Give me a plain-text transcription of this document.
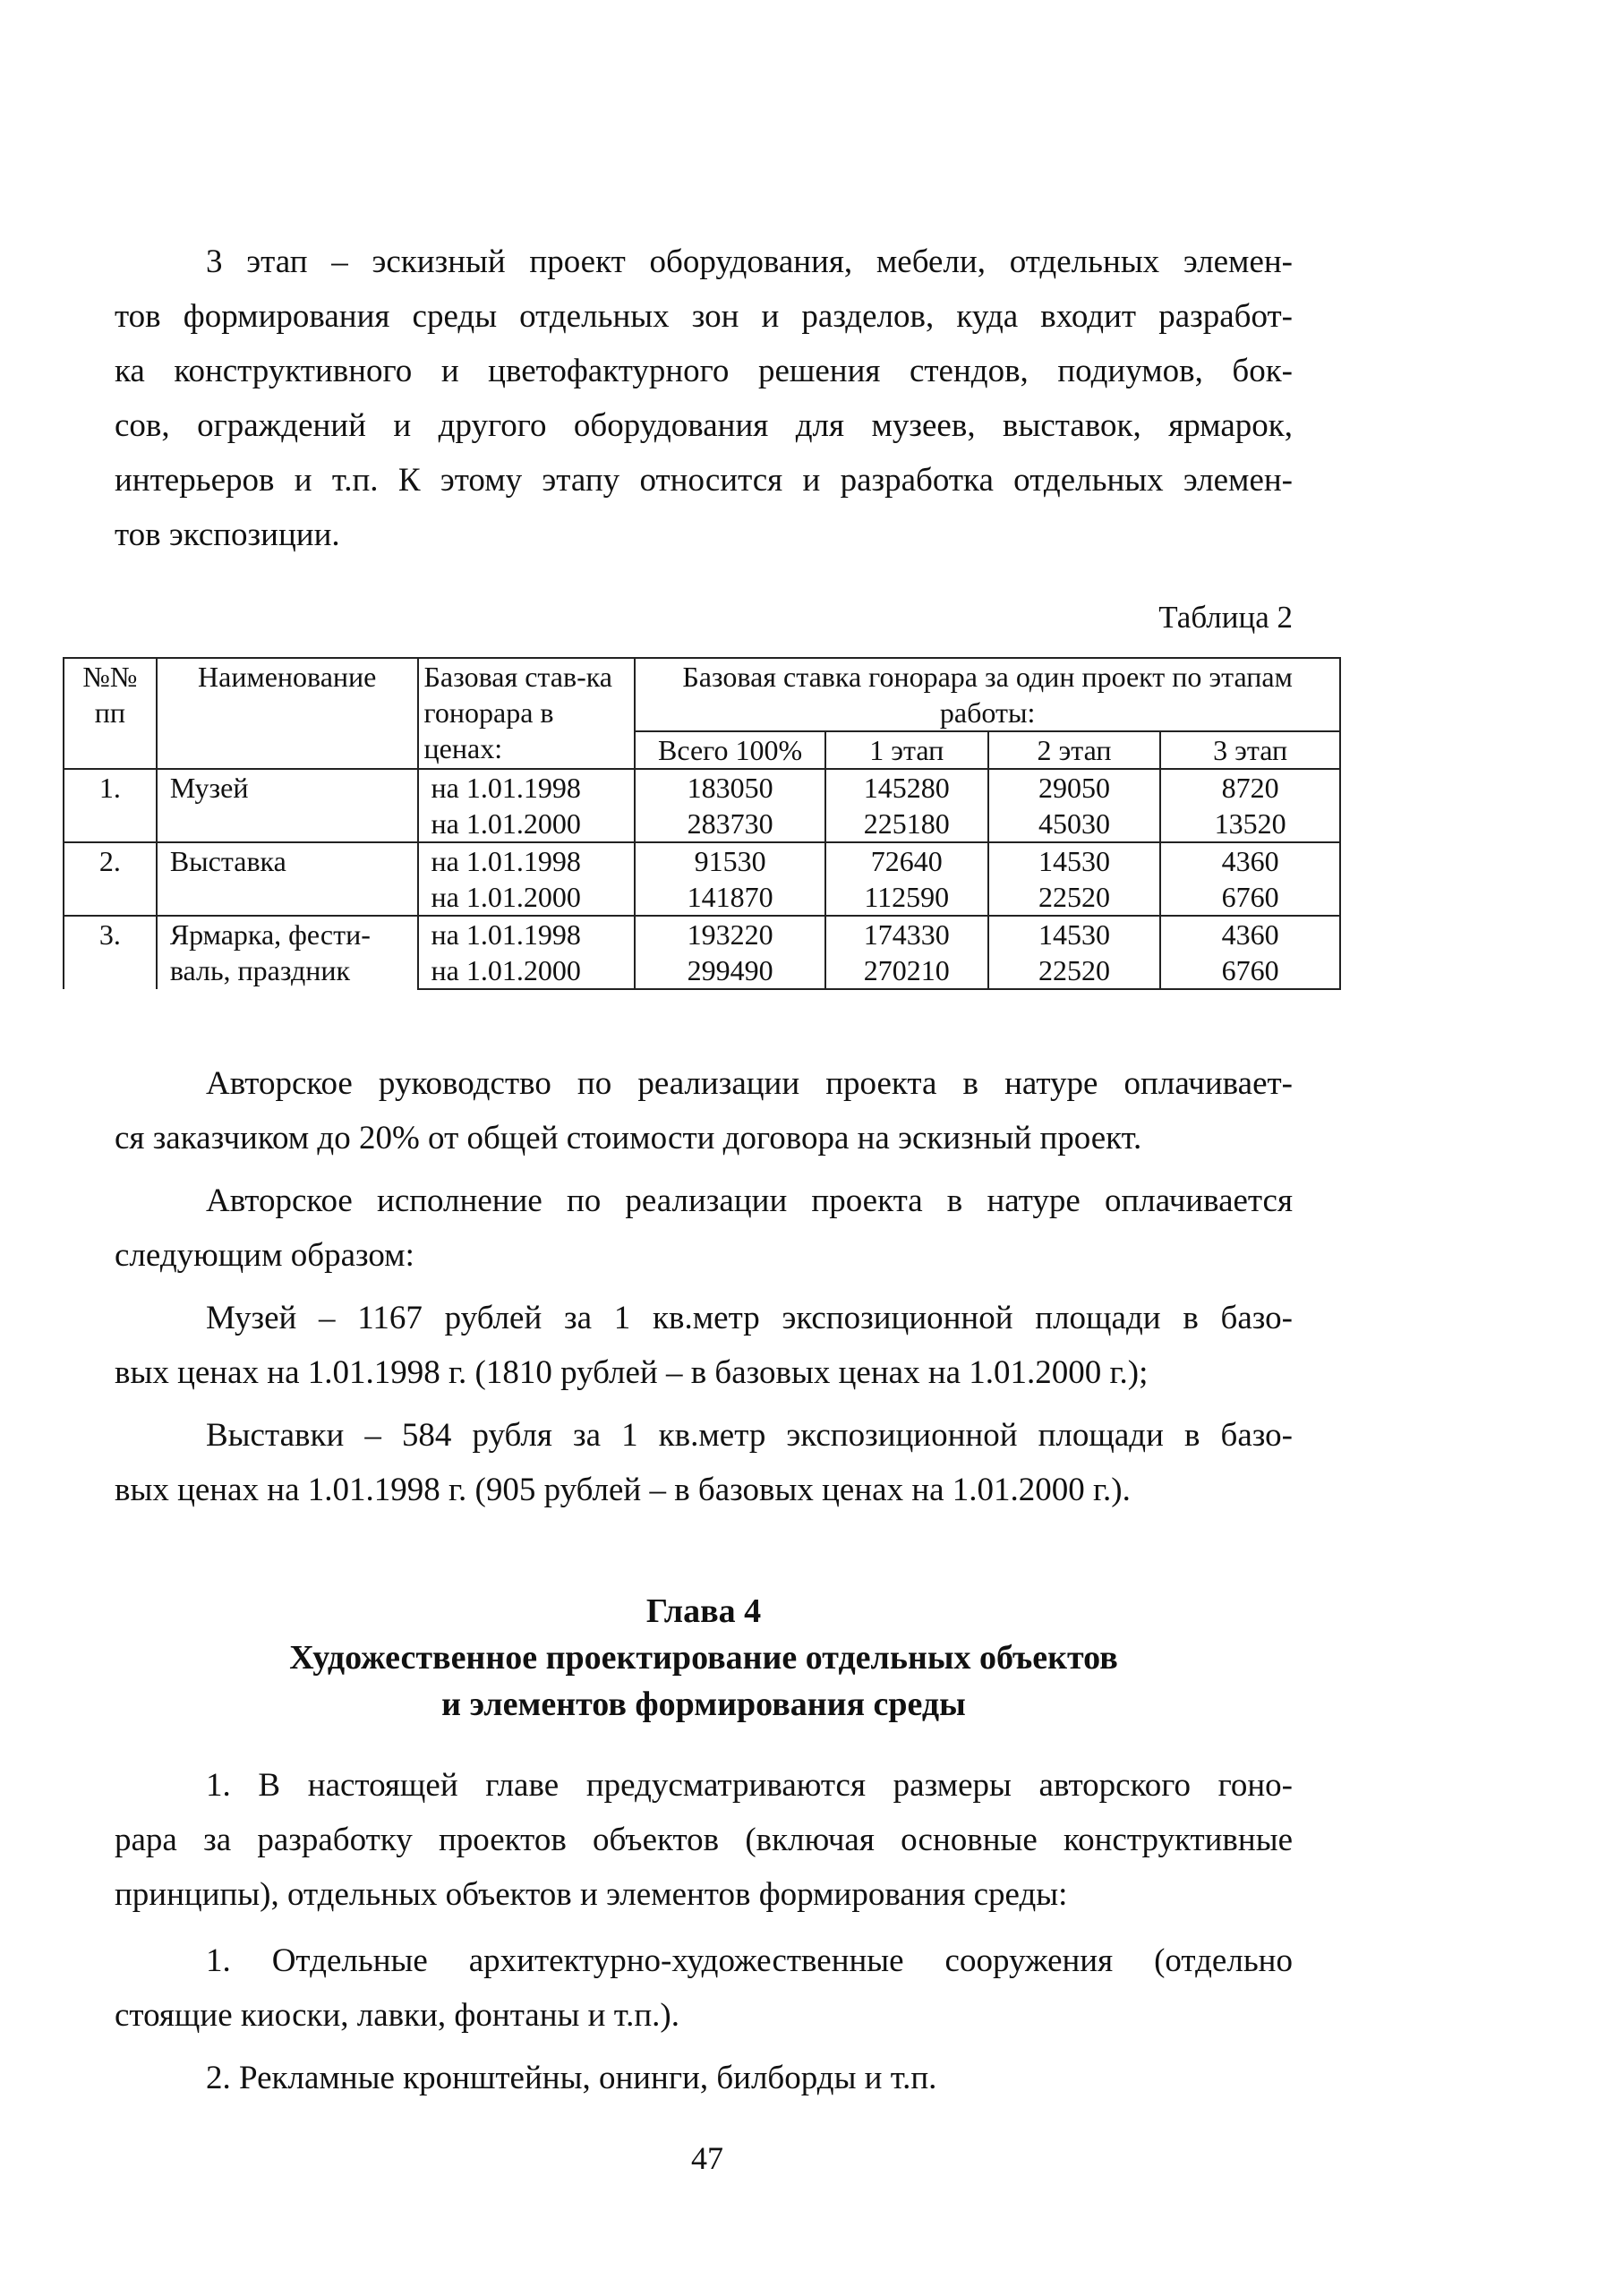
3 этап – эскизный проект оборудования, мебели, отдельных элемен-
тов формирования среды отдельных зон и разделов, куда входит разработ-
ка конструктивного и цветофактурного решения стендов, подиумов, бок-
сов, ограждений и другого оборудования для музеев, выставок, ярмарок,
интерьеров и т.п. К этому этапу относится и разработка отдельных элемен-
тов экспозиции.

Таблица 2

№№ пп	Наименование	Базовая став-ка гонорара в ценах:	Базовая ставка гонорара за один проект по этапам работы:			
			Всего 100%	1 этап	2 этап	3 этап
1.	Музей	на 1.01.1998	183050	145280	29050	8720
		на 1.01.2000	283730	225180	45030	13520
2.	Выставка	на 1.01.1998	91530	72640	14530	4360
		на 1.01.2000	141870	112590	22520	6760
3.	Ярмарка, фести-валь, праздник	на 1.01.1998	193220	174330	14530	4360
		на 1.01.2000	299490	270210	22520	6760
Авторское руководство по реализации проекта в натуре оплачивает-
ся заказчиком до 20% от общей стоимости договора на эскизный проект.
Авторское исполнение по реализации проекта в натуре оплачивается
следующим образом:
Музей – 1167 рублей за 1 кв.метр экспозиционной площади в базо-
вых ценах на 1.01.1998 г. (1810 рублей – в базовых ценах на 1.01.2000 г.);
Выставки – 584 рубля за 1 кв.метр экспозиционной площади в базо-
вых ценах на 1.01.1998 г. (905 рублей – в базовых ценах на 1.01.2000 г.).

Глава 4

Художественное проектирование отдельных объектов

и элементов формирования среды

1. В настоящей главе предусматриваются размеры авторского гоно-
рара за разработку проектов объектов (включая основные конструктивные
принципы), отдельных объектов и элементов формирования среды:
1. Отдельные архитектурно-художественные сооружения (отдельно
стоящие киоски, лавки, фонтаны и т.п.).
2. Рекламные кронштейны, онинги, билборды и т.п.

47
